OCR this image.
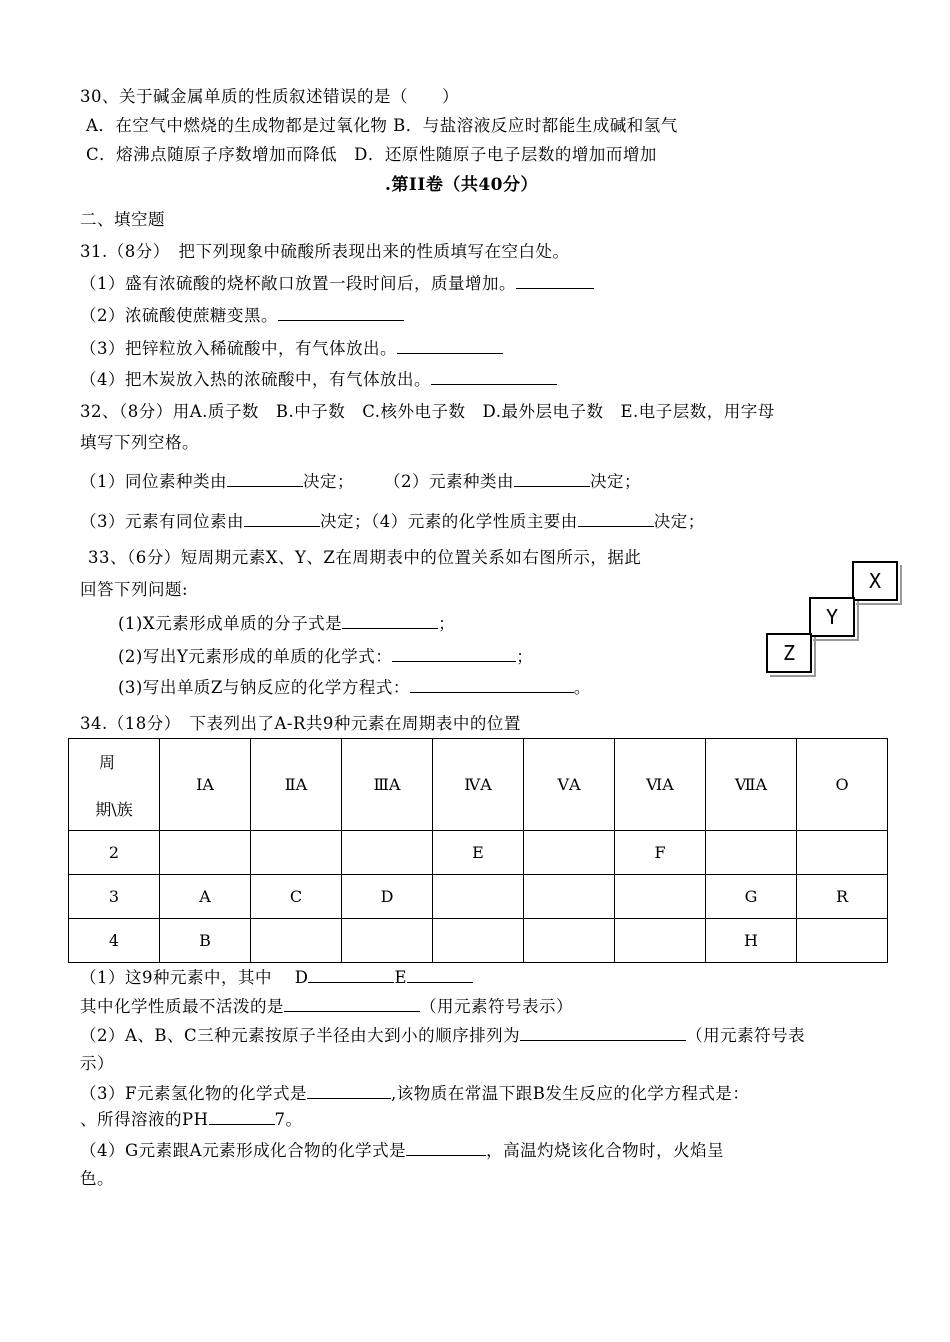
30、关于碱金属单质的性质叙述错误的是（　　）
A．在空气中燃烧的生成物都是过氧化物 B．与盐溶液反应时都能生成碱和氢气
C．熔沸点随原子序数增加而降低　D．还原性随原子电子层数的增加而增加
.第II卷（共40分）
二、填空题
31.（8分）　把下列现象中硫酸所表现出来的性质填写在空白处。
（1）盛有浓硫酸的烧杯敞口放置一段时间后，质量增加。
（2）浓硫酸使蔗糖变黑。
（3）把锌粒放入稀硫酸中，有气体放出。
（4）把木炭放入热的浓硫酸中，有气体放出。
32、（8分）用A.质子数　B.中子数　C.核外电子数　D.最外层电子数　E.电子层数，用字母
填写下列空格。
（1）同位素种类由	决定； （2）元素种类由	决定；
（3）元素有同位素由	决定；（4）元素的化学性质主要由	决定；
33、（6分）短周期元素X、Y、Z在周期表中的位置关系如右图所示，据此
回答下列问题:
(1)X元素形成单质的分子式是	；
(2)写出Y元素形成的单质的化学式：	；
(3)写出单质Z与钠反应的化学方程式：	。
X
Y
Z
34.（18分）　下表列出了A-R共9种元素在周期表中的位置
周
期\族	ⅠA	ⅡA	ⅢA	ⅣA	ⅤA	ⅥA	ⅦA	O
2				E		F		
3	A	C	D				G	R
4	B						H	
（1）这9种元素中，其中　 D	E
其中化学性质最不活泼的是	（用元素符号表示）
（2）A、B、C三种元素按原子半径由大到小的顺序排列为	（用元素符号表
示）
（3）F元素氢化物的化学式是	,该物质在常温下跟B发生反应的化学方程式是：
、所得溶液的PH	7。
（4）G元素跟A元素形成化合物的化学式是	，高温灼烧该化合物时，火焰呈
色。
